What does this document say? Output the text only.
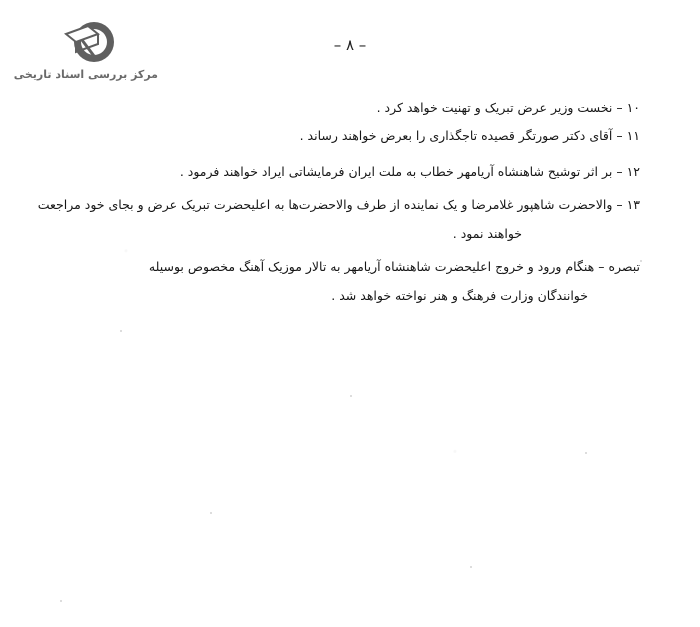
مرکز بررسی اسناد تاریخی
– ۸ –
۱۰ – نخست وزیر عرض تبریک و تهنیت خواهد کرد .
۱۱ – آقای دکتر صورتگر قصیده تاجگذاری را بعرض خواهند رساند .
۱۲ – بر اثر توشیح شاهنشاه آریامهر خطاب به ملت ایران فرمایشاتی ایراد خواهند فرمود .
۱۳ – والاحضرت شاهپور غلامرضا و یک نماینده از طرف والاحضرت‌ها به اعلیحضرت تبریک عرض و بجای خود مراجعت
خواهند نمود .
تبصره – هنگام ورود و خروج اعلیحضرت شاهنشاه آریامهر به تالار موزیک آهنگ مخصوص بوسیله
خوانندگان وزارت فرهنگ و هنر نواخته خواهد شد .
